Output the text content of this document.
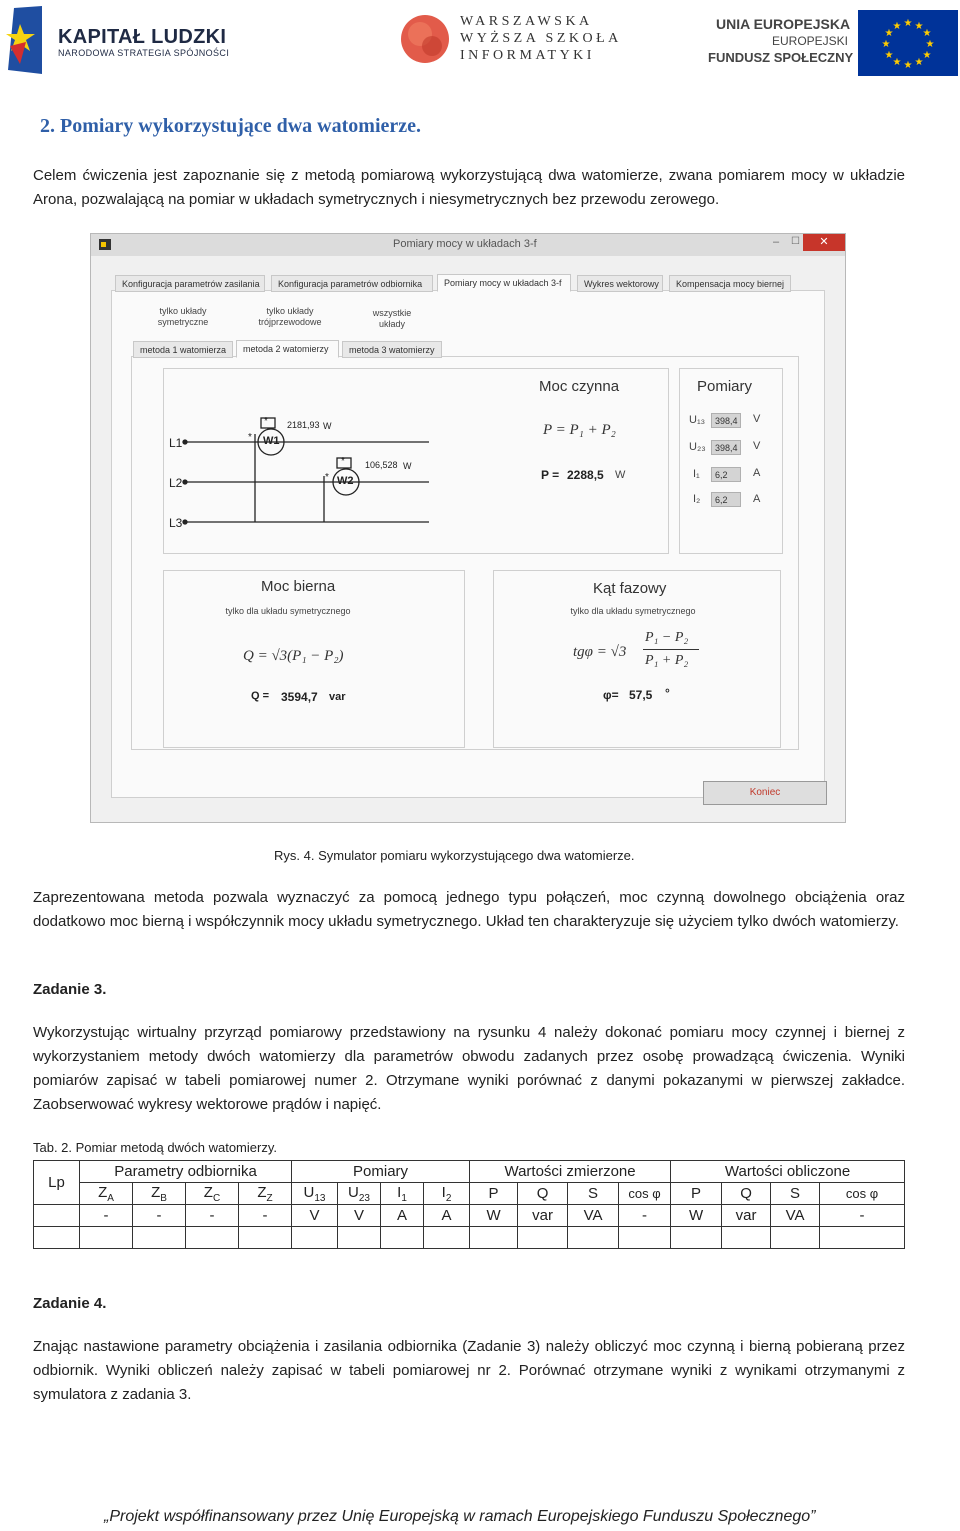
KAPITAŁ LUDZKI
NARODOWA STRATEGIA SPÓJNOŚCI
WARSZAWSKA
WYŻSZA SZKOŁA
INFORMATYKI
UNIA EUROPEJSKA
EUROPEJSKI
FUNDUSZ SPOŁECZNY
★ ★
★
★
★
★
★
★
★
★
★
★
2. Pomiary wykorzystujące dwa watomierze.
Celem ćwiczenia jest zapoznanie się z metodą pomiarową wykorzystującą dwa watomierze, zwana pomiarem mocy w układzie Arona, pozwalającą na pomiar w układach symetrycznych i niesymetrycznych bez przewodu zerowego.
Pomiary mocy w układach 3-f	– ☐	✕
Konfiguracja parametrów zasilania	Konfiguracja parametrów odbiornika	Pomiary mocy w układach 3-f	Wykres wektorowy	Kompensacja mocy biernej
tylko układy symetryczne
tylko układy trójprzewodowe
wszystkie układy
metoda 1 watomierza	metoda 2 watomierzy	metoda 3 watomierzy
L1
L2
L3
W1
W2
*
*
*
*
2181,93 W
106,528 W
Moc czynna
P = P₁ + P₂
P = 2288,5 W
Pomiary
U₁₃	398,4	V
U₂₃	398,4	V
I₁	6,2	A
I₂	6,2	A
Moc bierna
tylko dla układu symetrycznego
Q = √3(P₁ − P₂)
Q = 3594,7 var
Kąt fazowy
tylko dla układu symetrycznego
tgφ = √3
P₁ − P₂
P₁ + P₂
φ= 57,5 °
Koniec
Rys. 4. Symulator pomiaru wykorzystującego dwa watomierze.
Zaprezentowana metoda pozwala wyznaczyć za pomocą jednego typu połączeń, moc czynną dowolnego obciążenia oraz dodatkowo moc bierną i współczynnik mocy układu symetrycznego. Układ ten charakteryzuje się użyciem tylko dwóch watomierzy.
Zadanie 3.
Wykorzystując wirtualny przyrząd pomiarowy przedstawiony na rysunku 4 należy dokonać pomiaru mocy czynnej i biernej z wykorzystaniem metody dwóch watomierzy dla parametrów obwodu zadanych przez osobę prowadzącą ćwiczenia. Wyniki pomiarów zapisać w tabeli pomiarowej numer 2. Otrzymane wyniki porównać z danymi pokazanymi w pierwszej zakładce. Zaobserwować wykresy wektorowe prądów i napięć.
Tab. 2. Pomiar metodą dwóch watomierzy.
Lp	Parametry odbiornika				Pomiary				Wartości zmierzone				Wartości obliczone			
	$Z_A$	$Z_B$	$Z_C$	$Z_Z$	$U_{13}$	$U_{23}$	$I_1$	$I_2$	P	Q	S	cos φ	P	Q	S	cos φ
	-	-	-	-	V	V	A	A	W	var	VA	-	W	var	VA	-

Zadanie 4.
Znając nastawione parametry obciążenia i zasilania odbiornika (Zadanie 3) należy obliczyć moc czynną i bierną pobieraną przez odbiornik. Wyniki obliczeń należy zapisać w tabeli pomiarowej nr 2. Porównać otrzymane wyniki z wynikami otrzymanymi z symulatora z zadania 3.
„Projekt współfinansowany przez Unię Europejską w ramach Europejskiego Funduszu Społecznego”
